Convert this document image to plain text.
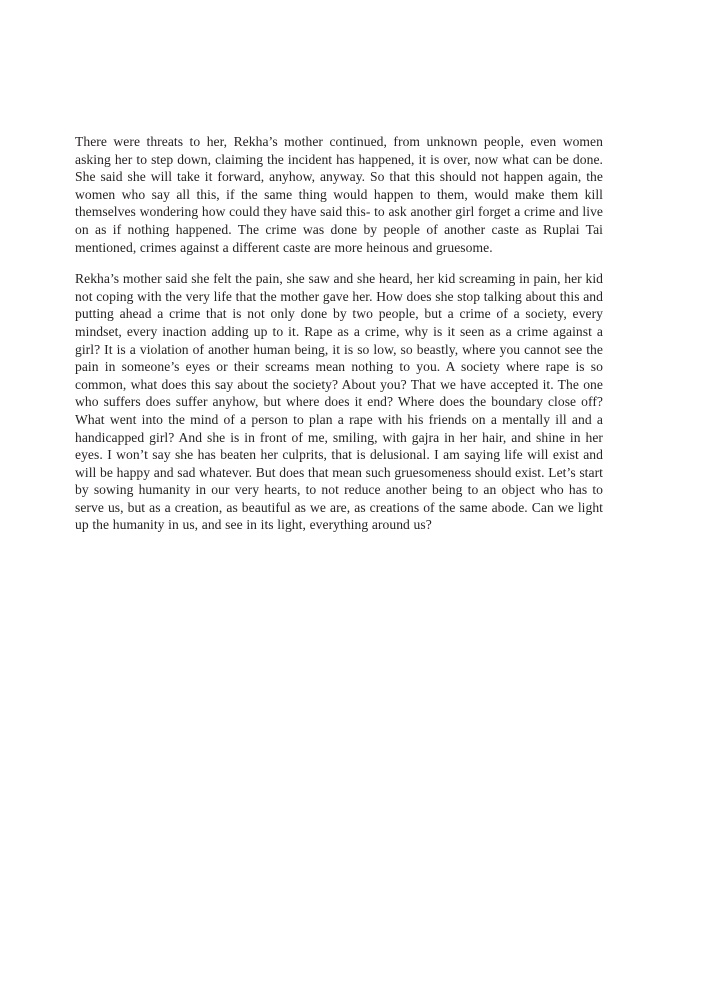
There were threats to her, Rekha’s mother continued, from unknown people, even women asking her to step down, claiming the incident has happened, it is over, now what can be done. She said she will take it forward, anyhow, anyway. So that this should not happen again, the women who say all this, if the same thing would happen to them, would make them kill themselves wondering how could they have said this- to ask another girl forget a crime and live on as if nothing happened. The crime was done by people of another caste as Ruplai Tai mentioned, crimes against a different caste are more heinous and gruesome.

Rekha’s mother said she felt the pain, she saw and she heard, her kid screaming in pain, her kid not coping with the very life that the mother gave her. How does she stop talking about this and putting ahead a crime that is not only done by two people, but a crime of a society, every mindset, every inaction adding up to it. Rape as a crime, why is it seen as a crime against a girl? It is a violation of another human being, it is so low, so beastly, where you cannot see the pain in someone’s eyes or their screams mean nothing to you. A society where rape is so common, what does this say about the society? About you? That we have accepted it. The one who suffers does suffer anyhow, but where does it end? Where does the boundary close off? What went into the mind of a person to plan a rape with his friends on a mentally ill and a handicapped girl? And she is in front of me, smiling, with gajra in her hair, and shine in her eyes. I won’t say she has beaten her culprits, that is delusional. I am saying life will exist and will be happy and sad whatever. But does that mean such gruesomeness should exist. Let’s start by sowing humanity in our very hearts, to not reduce another being to an object who has to serve us, but as a creation, as beautiful as we are, as creations of the same abode. Can we light up the humanity in us, and see in its light, everything around us?
